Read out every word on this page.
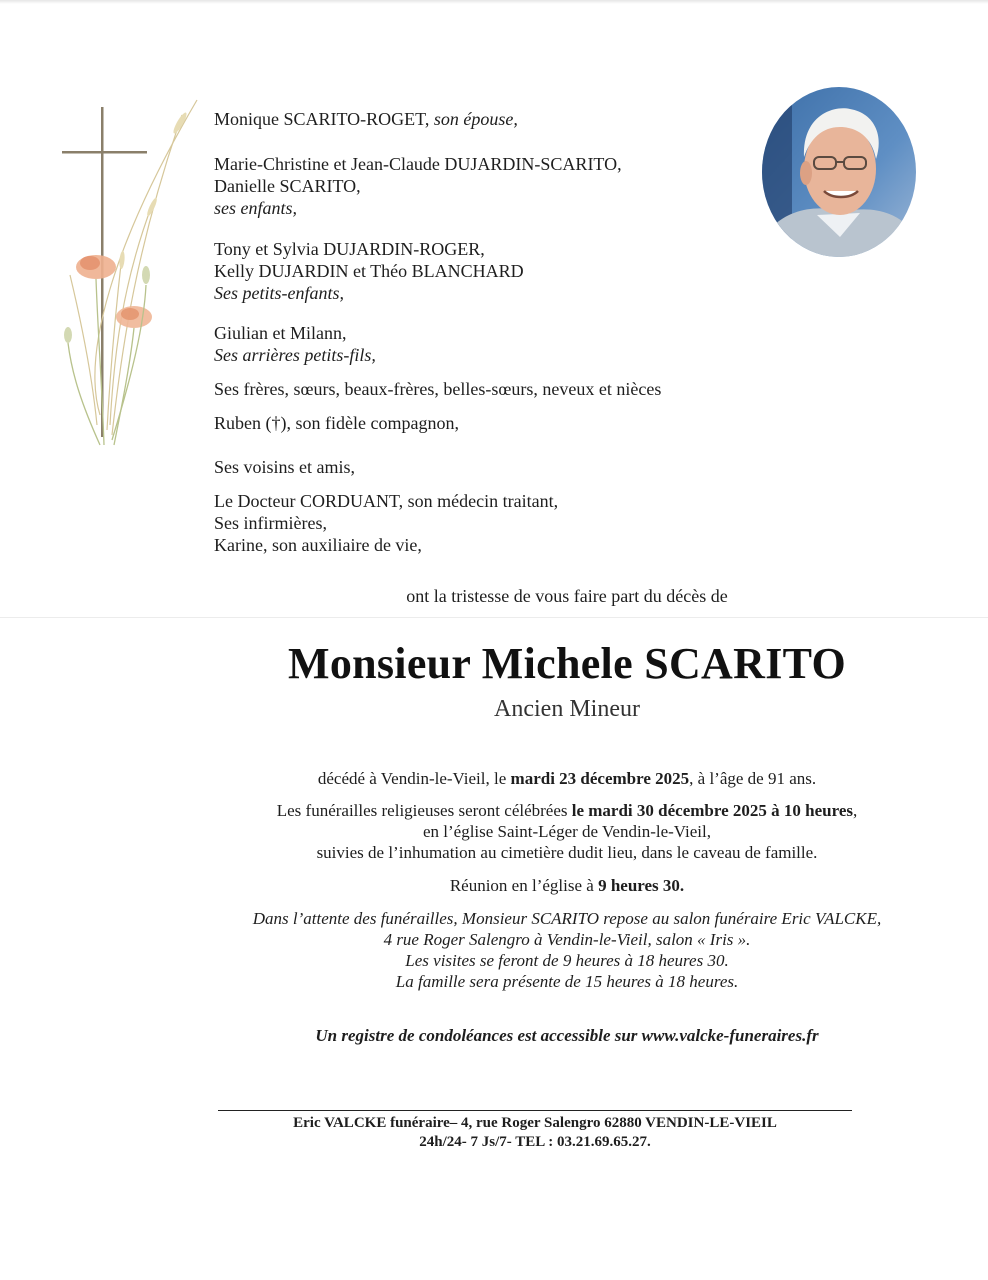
Monique SCARITO-ROGET, son épouse,
Marie-Christine et Jean-Claude DUJARDIN-SCARITO,
Danielle SCARITO,
ses enfants,
Tony et Sylvia DUJARDIN-ROGER,
Kelly DUJARDIN et Théo BLANCHARD
Ses petits-enfants,
Giulian et Milann,
Ses arrières petits-fils,
Ses frères, sœurs, beaux-frères, belles-sœurs, neveux et nièces
Ruben (†), son fidèle compagnon,
Ses voisins et amis,
Le Docteur CORDUANT, son médecin traitant,
Ses infirmières,
Karine, son auxiliaire de vie,
ont la tristesse de vous faire part du décès de
Monsieur Michele SCARITO
Ancien Mineur

décédé à Vendin-le-Vieil, le mardi 23 décembre 2025, à l’âge de 91 ans.

Les funérailles religieuses seront célébrées le mardi 30 décembre 2025 à 10 heures,

en l’église Saint-Léger de Vendin-le-Vieil,

suivies de l’inhumation au cimetière dudit lieu, dans le caveau de famille.

Réunion en l’église à 9 heures 30.

Dans l’attente des funérailles, Monsieur SCARITO repose au salon funéraire Eric VALCKE,

4 rue Roger Salengro à Vendin-le-Vieil, salon « Iris ».

Les visites se feront de 9 heures à 18 heures 30.

La famille sera présente de 15 heures à 18 heures.

Un registre de condoléances est accessible sur www.valcke-funeraires.fr
Eric VALCKE funéraire– 4, rue Roger Salengro 62880 VENDIN-LE-VIEIL
24h/24- 7 Js/7- TEL : 03.21.69.65.27.
